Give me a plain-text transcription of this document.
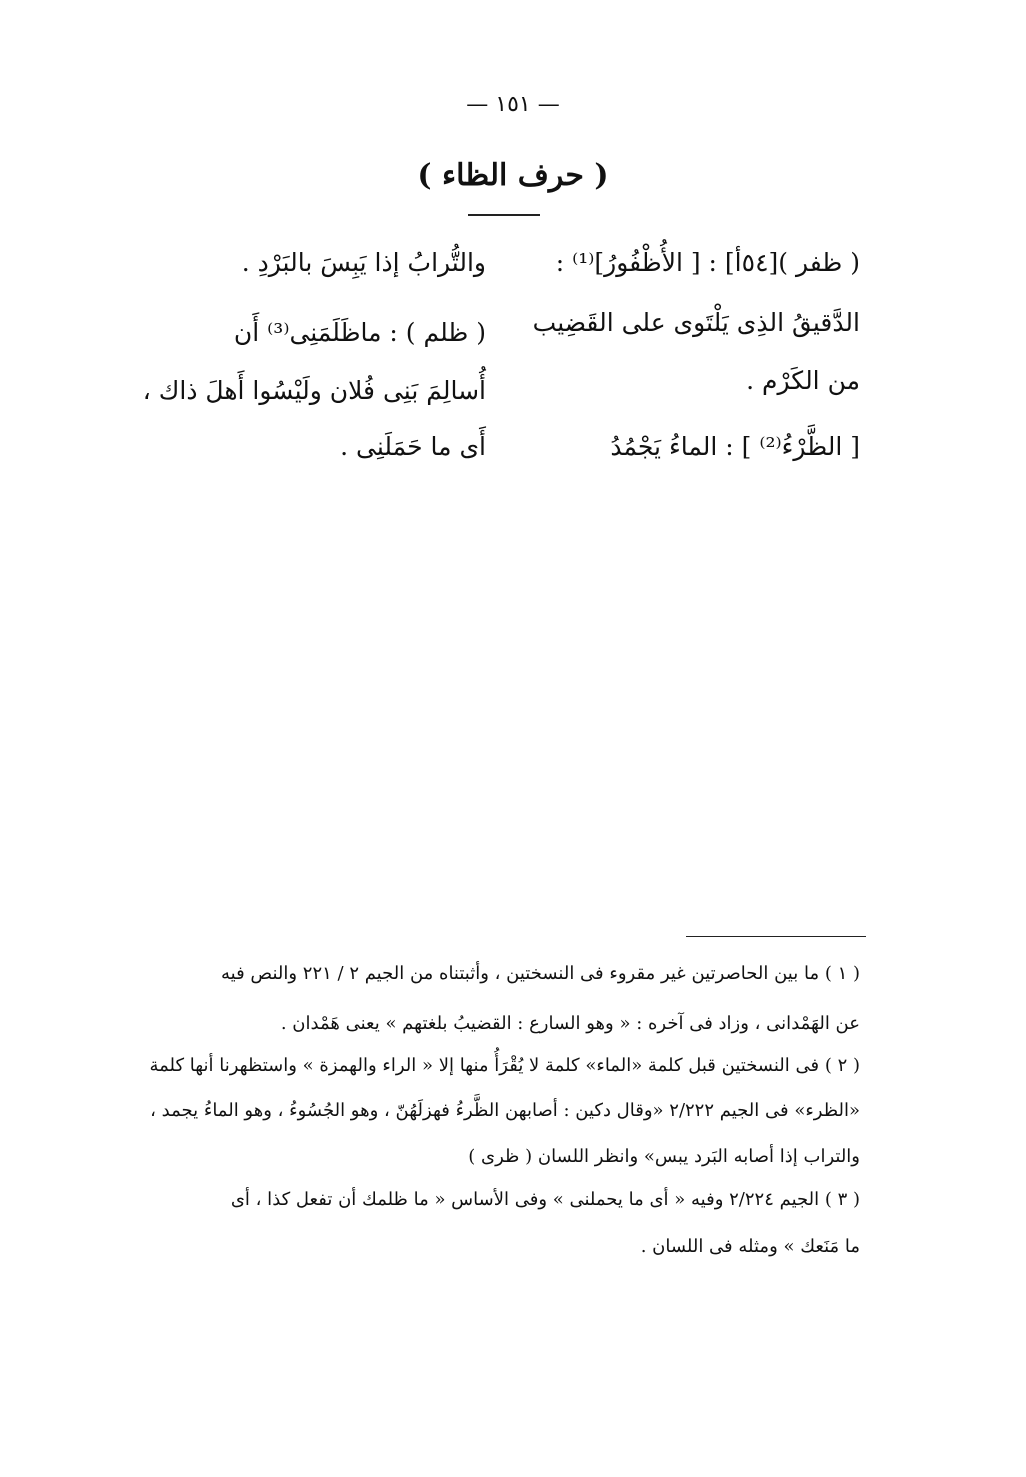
— ١٥١ —
( حرف الظاء )
( ظفر )[٥٤أ] : [ الأُظْفُورُ]⁽¹⁾ :
والتُّرابُ إذا يَبِسَ بالبَرْدِ .
الدَّقيقُ الذِى يَلْتَوى على القَضِيب
( ظلم ) : ماظَلَمَنِى⁽³⁾ أَن
من الكَرْم .
أُسالِمَ بَنِى فُلان ولَيْسُوا أَهلَ ذاك ،
[ الظَّرْءُ⁽²⁾ ] : الماءُ يَجْمُدُ
أَى ما حَمَلَنِى .
( ١ ) ما بين الحاصرتين غير مقروء فى النسختين ، وأثبتناه من الجيم ٢ / ٢٢١ والنص فيه
عن الهَمْدانى ، وزاد فى آخره : « وهو السارع : القضيبُ بلغتهم » يعنى هَمْدان .
( ٢ ) فى النسختين قبل كلمة «الماء» كلمة لا يُقْرَأُ منها إلا « الراء والهمزة » واستظهرنا أنها كلمة
«الظرء» فى الجيم ٢/٢٢٢ «وقال دكين : أصابهن الظَّرءُ فهزلَهُنّ ، وهو الجُسُوءُ ، وهو الماءُ يجمد ،
والتراب إذا أصابه البَرد يبس» وانظر اللسان ( ظرى )
( ٣ ) الجيم ٢/٢٢٤ وفيه « أى ما يحملنى » وفى الأساس « ما ظلمك أن تفعل كذا ، أى
ما مَنَعك » ومثله فى اللسان .
